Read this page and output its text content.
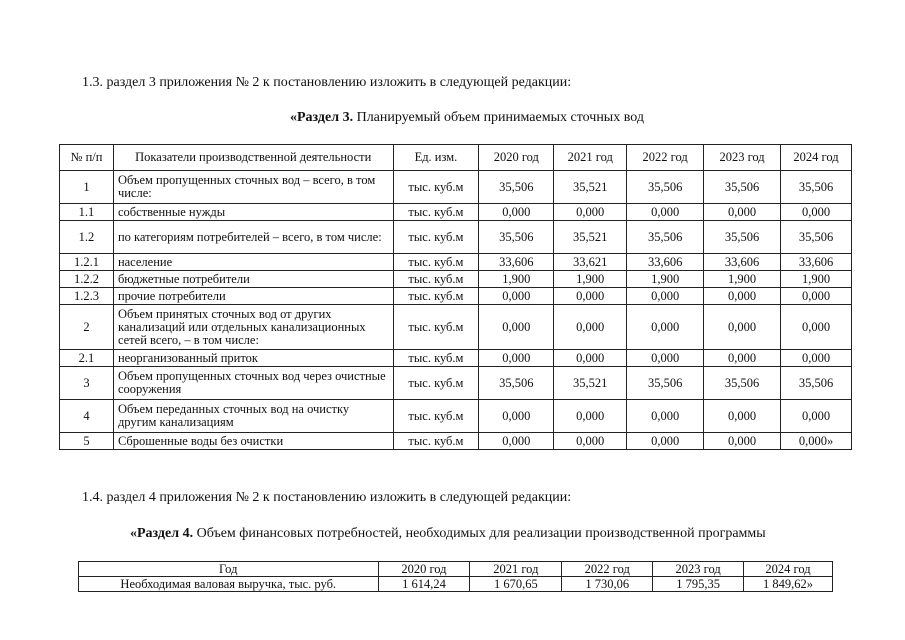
1.3. раздел 3 приложения № 2 к постановлению изложить в следующей редакции:
«Раздел 3. Планируемый объем принимаемых сточных вод
№ п/п	Показатели производственной деятельности	Ед. изм.	2020 год	2021 год	2022 год	2023 год	2024 год
1	Объем пропущенных сточных вод – всего, в том числе:	тыс. куб.м	35,506	35,521	35,506	35,506	35,506
1.1	собственные нужды	тыс. куб.м	0,000	0,000	0,000	0,000	0,000
1.2	по категориям потребителей – всего, в том числе:	тыс. куб.м	35,506	35,521	35,506	35,506	35,506
1.2.1	население	тыс. куб.м	33,606	33,621	33,606	33,606	33,606
1.2.2	бюджетные потребители	тыс. куб.м	1,900	1,900	1,900	1,900	1,900
1.2.3	прочие потребители	тыс. куб.м	0,000	0,000	0,000	0,000	0,000
2	Объем принятых сточных вод от других канализаций или отдельных канализационных сетей всего, – в том числе:	тыс. куб.м	0,000	0,000	0,000	0,000	0,000
2.1	неорганизованный приток	тыс. куб.м	0,000	0,000	0,000	0,000	0,000
3	Объем пропущенных сточных вод через очистные сооружения	тыс. куб.м	35,506	35,521	35,506	35,506	35,506
4	Объем переданных сточных вод на очистку другим канализациям	тыс. куб.м	0,000	0,000	0,000	0,000	0,000
5	Сброшенные воды без очистки	тыс. куб.м	0,000	0,000	0,000	0,000	0,000»
1.4. раздел 4 приложения № 2 к постановлению изложить в следующей редакции:
«Раздел 4. Объем финансовых потребностей, необходимых для реализации производственной программы
Год	2020 год	2021 год	2022 год	2023 год	2024 год
Необходимая валовая выручка, тыс. руб.	1 614,24	1 670,65	1 730,06	1 795,35	1 849,62»
